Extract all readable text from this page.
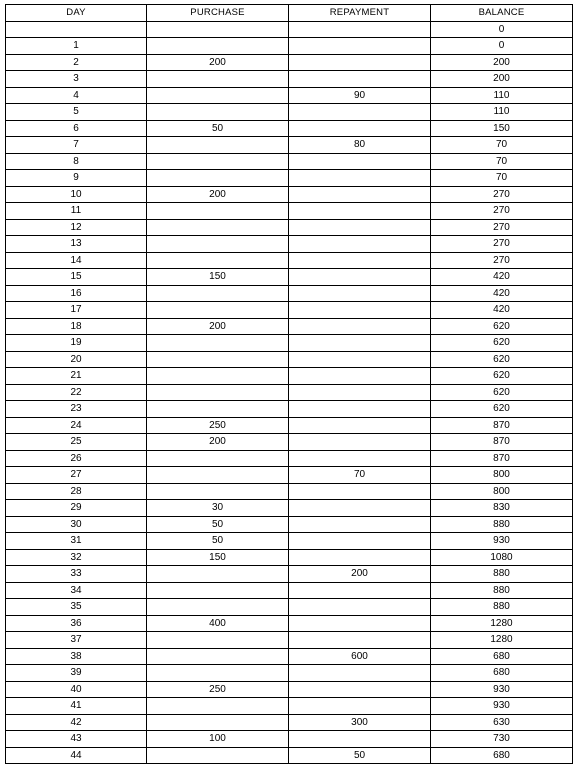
DAY	PURCHASE	REPAYMENT	BALANCE
			0
1			0
2	200		200
3			200
4		90	110
5			110
6	50		150
7		80	70
8			70
9			70
10	200		270
11			270
12			270
13			270
14			270
15	150		420
16			420
17			420
18	200		620
19			620
20			620
21			620
22			620
23			620
24	250		870
25	200		870
26			870
27		70	800
28			800
29	30		830
30	50		880
31	50		930
32	150		1080
33		200	880
34			880
35			880
36	400		1280
37			1280
38		600	680
39			680
40	250		930
41			930
42		300	630
43	100		730
44		50	680
